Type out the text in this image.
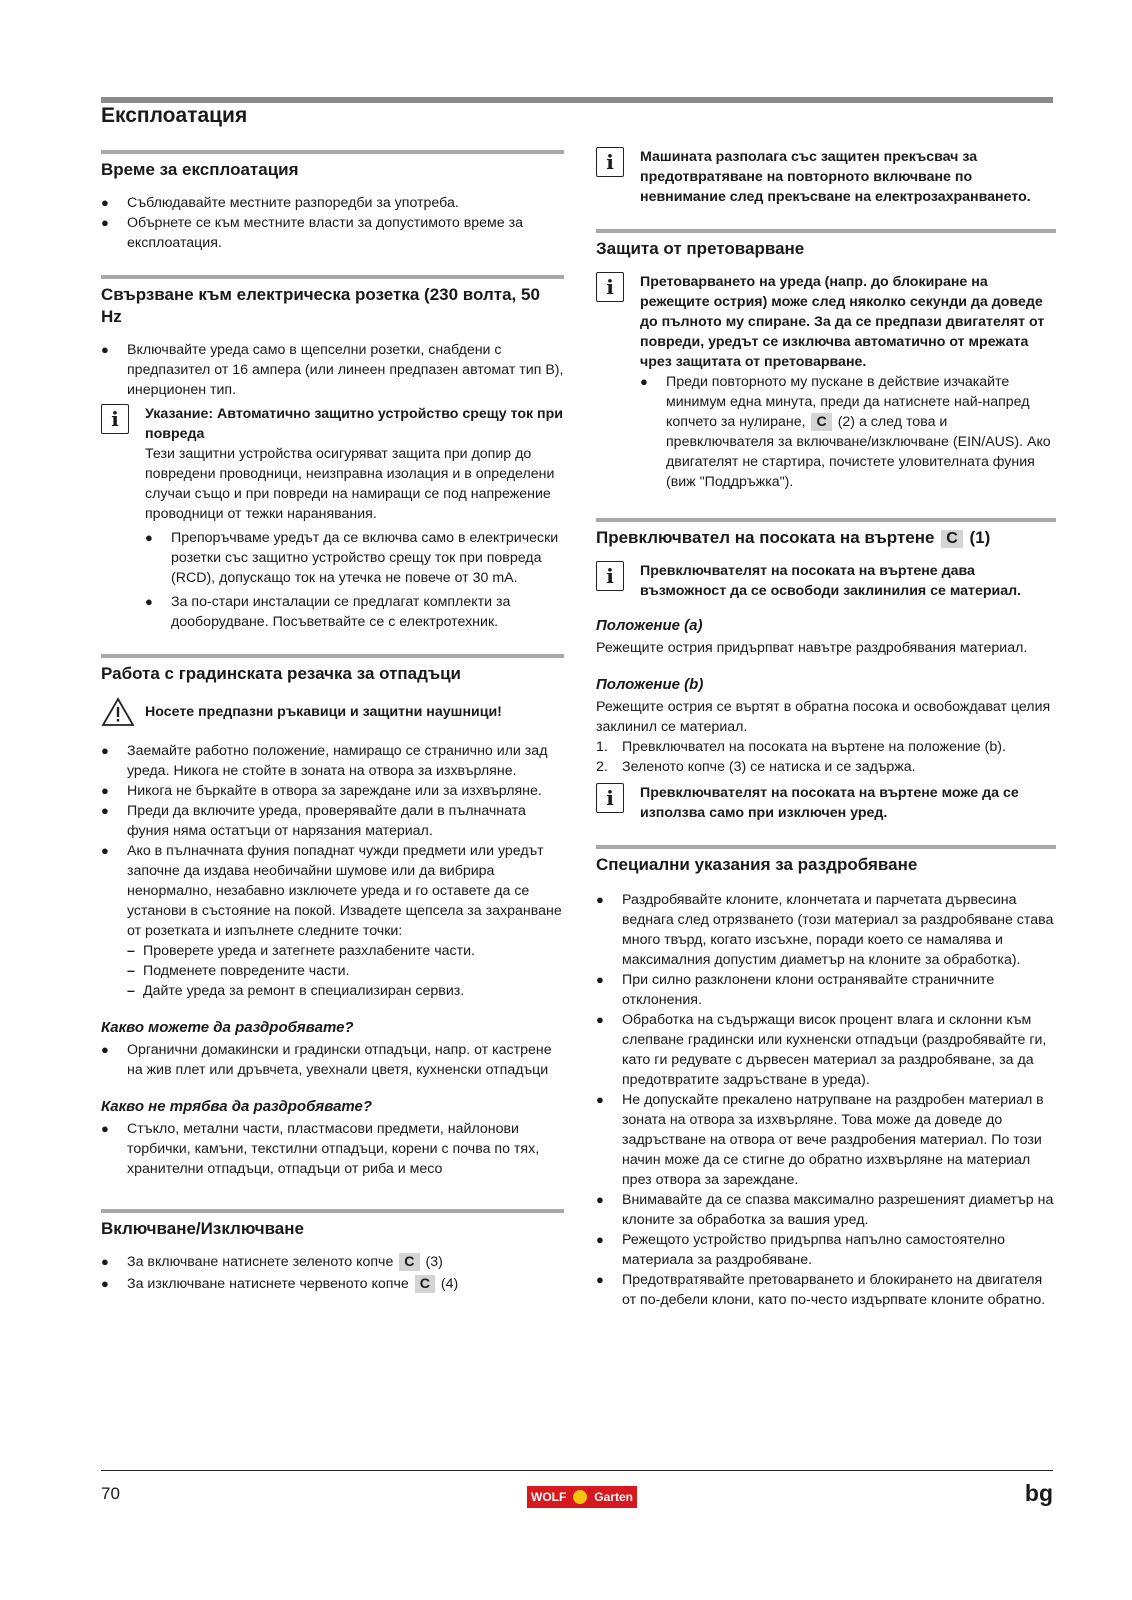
Експлоатация
Време за експлоатация
● Съблюдавайте местните разпоредби за употреба.
● Обърнете се към местните власти за допустимото време за експлоатация.
Свързване към електрическа розетка (230 волта, 50 Hz
● Включвайте уреда само в щепселни розетки, снабдени с предпазител от 16 ампера (или линеен предпазен автомат тип B), инерционен тип.
i	Указание: Автоматично защитно устройство срещу ток при повреда

Тези защитни устройства осигуряват защита при допир до повредени проводници, неизправна изолация и в определени случаи също и при повреди на намиращи се под напрежение проводници от тежки наранявания.

● Препоръчваме уредът да се включва само в електрически розетки със защитно устройство срещу ток при повреда (RCD), допускащо ток на утечка не повече от 30 mA.
● За по-стари инсталации се предлагат комплекти за дооборудване. Посъветвайте се с електротехник.
Работа с градинската резачка за отпадъци
Носете предпазни ръкавици и защитни наушници!
● Заемайте работно положение, намиращо се странично или зад уреда. Никога не стойте в зоната на отвора за изхвърляне.
● Никога не бъркайте в отвора за зареждане или за изхвърляне.
● Преди да включите уреда, проверявайте дали в пълначната фуния няма остатъци от нарязания материал.
● Ако в пълначната фуния попаднат чужди предмети или уредът започне да издава необичайни шумове или да вибрира ненормално, незабавно изключете уреда и го оставете да се установи в състояние на покой. Извадете щепсела за захранване от розетката и изпълнете следните точки:
– Проверете уреда и затегнете разхлабените части.
– Подменете повредените части.
– Дайте уреда за ремонт в специализиран сервиз.
Какво можете да раздробявате?
● Органични домакински и градински отпадъци, напр. от кастрене на жив плет или дръвчета, увехнали цветя, кухненски отпадъци
Какво не трябва да раздробявате?
● Стъкло, метални части, пластмасови предмети, найлонови торбички, камъни, текстилни отпадъци, корени с почва по тях, хранителни отпадъци, отпадъци от риба и месо
Включване/Изключване
● За включване натиснете зеленото копче C (3)
● За изключване натиснете червеното копче C (4)
i	Машината разполага със защитен прекъсвач за предотвратяване на повторното включване по невнимание след прекъсване на електрозахранването.

Защита от претоварване
i	Претоварването на уреда (напр. до блокиране на режещите острия) може след няколко секунди да доведе до пълното му спиране. За да се предпази двигателят от повреди, уредът се изключва автоматично от мрежата чрез защитата от претоварване.

● Преди повторното му пускане в действие изчакайте минимум една минута, преди да натиснете най-напред копчето за нулиране, C (2) а след това и превключвателя за включване/изключване (EIN/AUS). Ако двигателят не стартира, почистете уловителната фуния (виж "Поддръжка").
Превключвател на посоката на въртене C (1)
i	Превключвателят на посоката на въртене дава възможност да се освободи заклинилия се материал.

Положение (a)

Режещите острия придърпват навътре раздробявания материал.

Положение (b)

Режещите острия се въртят в обратна посока и освобождават целия заклинил се материал.

1. Превключвател на посоката на въртене на положение (b).
2. Зеленото копче (3) се натиска и се задържа.
i	Превключвателят на посоката на въртене може да се използва само при изключен уред.

Специални указания за раздробяване
● Раздробявайте клоните, клончетата и парчетата дървесина веднага след отрязването (този материал за раздробяване става много твърд, когато изсъхне, поради което се намалява и максималния допустим диаметър на клоните за обработка).
● При силно разклонени клони остранявайте страничните отклонения.
● Обработка на съдържащи висок процент влага и склонни към слепване градински или кухненски отпадъци (раздробявайте ги, като ги редувате с дървесен материал за раздробяване, за да предотвратите задръстване в уреда).
● Не допускайте прекалено натрупване на раздробен материал в зоната на отвора за изхвърляне. Това може да доведе до задръстване на отвора от вече раздробения материал. По този начин може да се стигне до обратно изхвърляне на материал през отвора за зареждане.
● Внимавайте да се спазва максимално разрешеният диаметър на клоните за обработка за вашия уред.
● Режещото устройство придърпва напълно самостоятелно материала за раздробяване.
● Предотвратявайте претоварването и блокирането на двигателя от по-дебели клони, като по-често издърпвате клоните обратно.
70	WOLF Garten	bg
